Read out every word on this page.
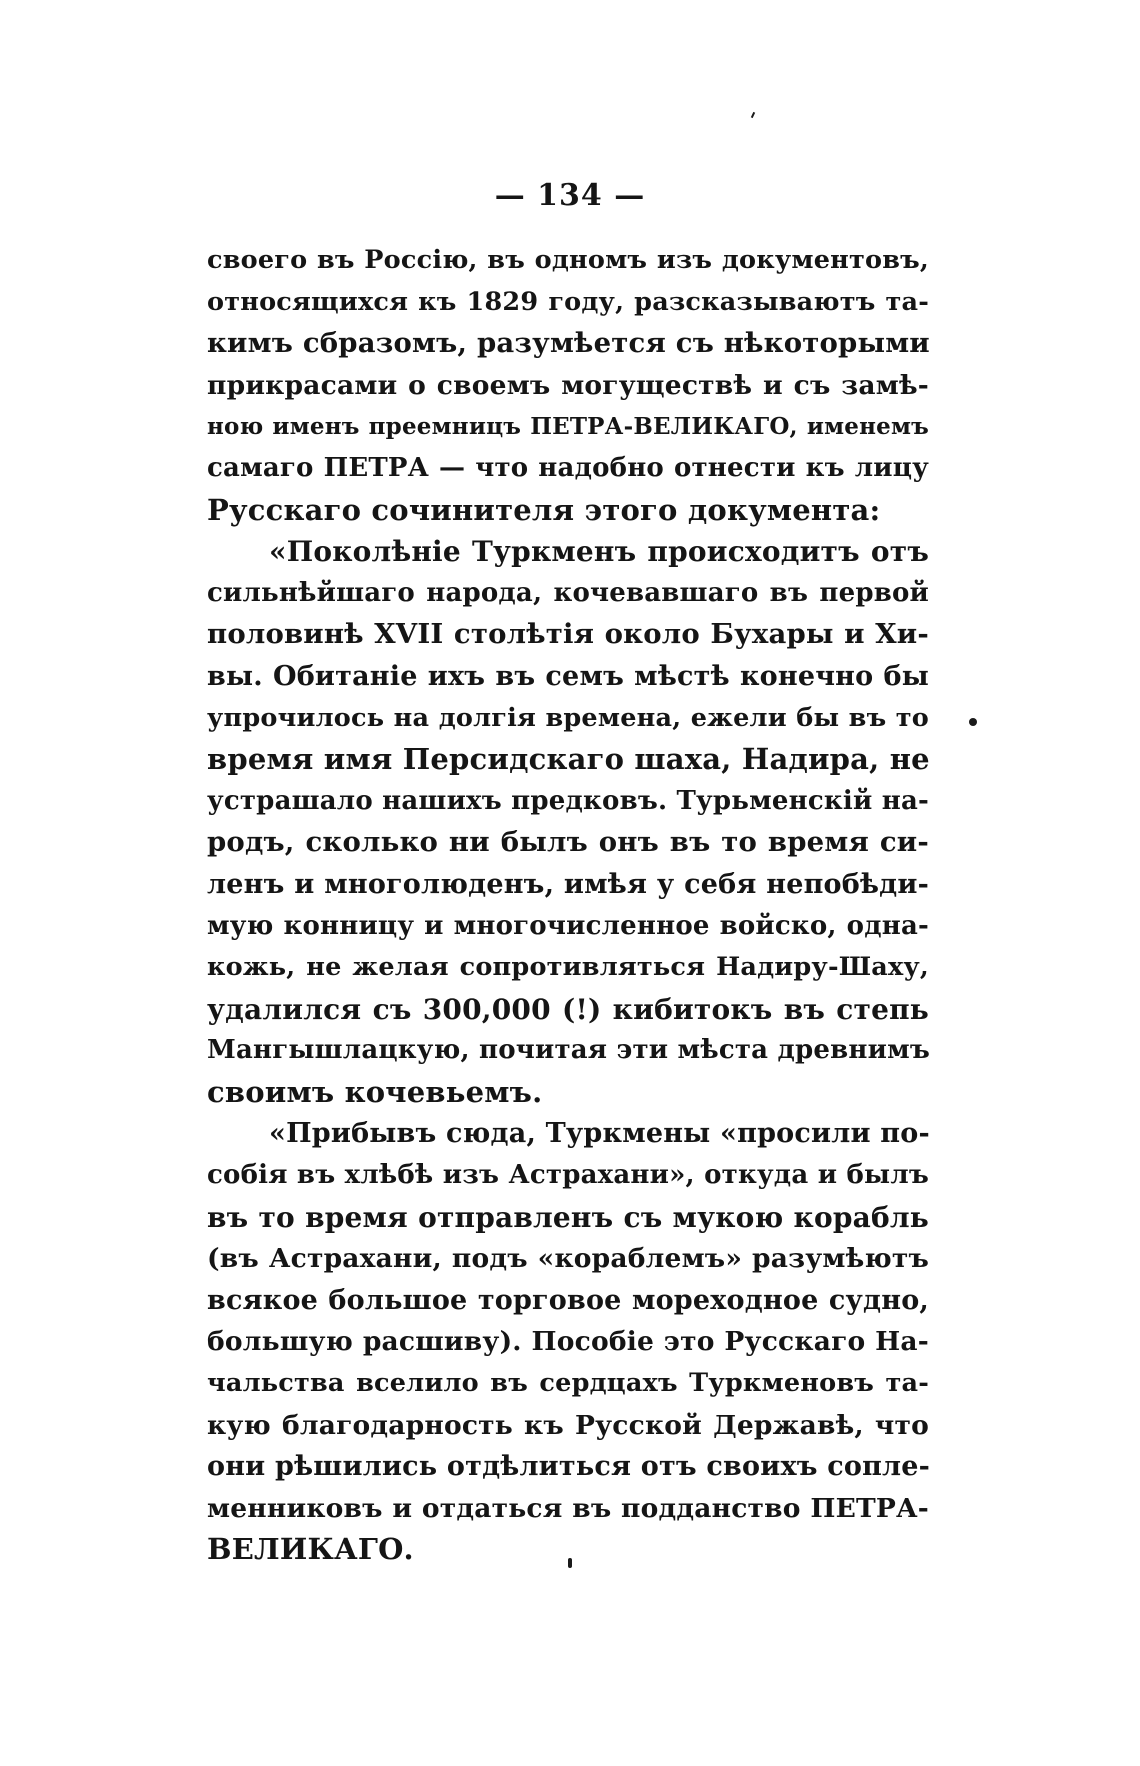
— 134 —
своего въ Россію, въ одномъ изъ документовъ,
относящихся къ 1829 году, разсказываютъ та-
кимъ сбразомъ, разумѣется съ нѣкоторыми
прикрасами о своемъ могуществѣ и съ замѣ-
ною именъ преемницъ ПЕТРА-ВЕЛИКАГО, именемъ
самаго ПЕТРА — что надобно отнести къ лицу
Русскаго сочинителя этого документа:
«Поколѣніе Туркменъ происходитъ отъ
сильнѣйшаго народа, кочевавшаго въ первой
половинѣ XVII столѣтія около Бухары и Хи-
вы. Обитаніе ихъ въ семъ мѣстѣ конечно бы
упрочилось на долгія времена, ежели бы въ то
время имя Персидскаго шаха, Надира, не
устрашало нашихъ предковъ. Турьменскій на-
родъ, сколько ни былъ онъ въ то время си-
ленъ и многолюденъ, имѣя у себя непобѣди-
мую конницу и многочисленное войско, одна-
кожь, не желая сопротивляться Надиру-Шаху,
удалился съ 300,000 (!) кибитокъ въ степь
Мангышлацкую, почитая эти мѣста древнимъ
своимъ кочевьемъ.
«Прибывъ сюда, Туркмены «просили по-
собія въ хлѣбѣ изъ Астрахани», откуда и былъ
въ то время отправленъ съ мукою корабль
(въ Астрахани, подъ «кораблемъ» разумѣютъ
всякое большое торговое мореходное судно,
большую расшиву). Пособіе это Русскаго На-
чальства вселило въ сердцахъ Туркменовъ та-
кую благодарность къ Русской Державѣ, что
они рѣшились отдѣлиться отъ своихъ сопле-
менниковъ и отдаться въ подданство ПЕТРА-
ВЕЛИКАГО.
